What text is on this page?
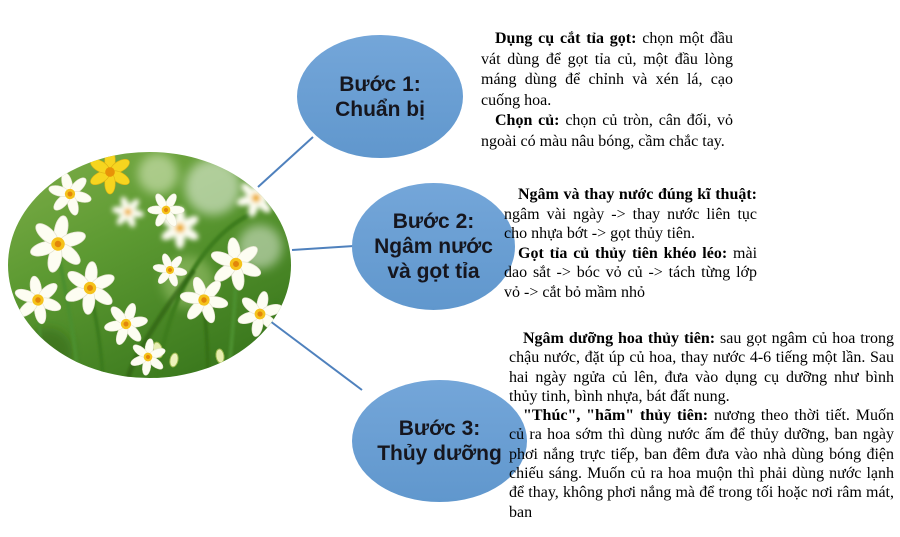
Bước 1:
Chuẩn bị
Bước 2:
Ngâm nước và gọt tỉa
Bước 3:
Thủy dưỡng

Dụng cụ cắt tỉa gọt: chọn một đầu vát dùng để gọt tỉa củ, một đầu lòng máng dùng để chỉnh và xén lá, cạo cuống hoa.

Chọn củ: chọn củ tròn, cân đối, vỏ ngoài có màu nâu bóng, cầm chắc tay.

Ngâm và thay nước đúng kĩ thuật: ngâm vài ngày -> thay nước liên tục cho nhựa bớt -> gọt thủy tiên.

Gọt tỉa củ thủy tiên khéo léo: mài dao sắt -> bóc vỏ củ -> tách từng lớp vỏ -> cắt bỏ mầm nhỏ

Ngâm dưỡng hoa thủy tiên: sau gọt ngâm củ hoa trong chậu nước, đặt úp củ hoa, thay nước 4-6 tiếng một lần. Sau hai ngày ngửa củ lên, đưa vào dụng cụ dưỡng như bình thủy tinh, bình nhựa, bát đất nung.

"Thúc", "hãm" thủy tiên: nương theo thời tiết. Muốn củ ra hoa sớm thì dùng nước ấm để thủy dưỡng, ban ngày phơi nắng trực tiếp, ban đêm đưa vào nhà dùng bóng điện chiếu sáng. Muốn củ ra hoa muộn thì phải dùng nước lạnh để thay, không phơi nắng mà để trong tối hoặc nơi râm mát, ban
